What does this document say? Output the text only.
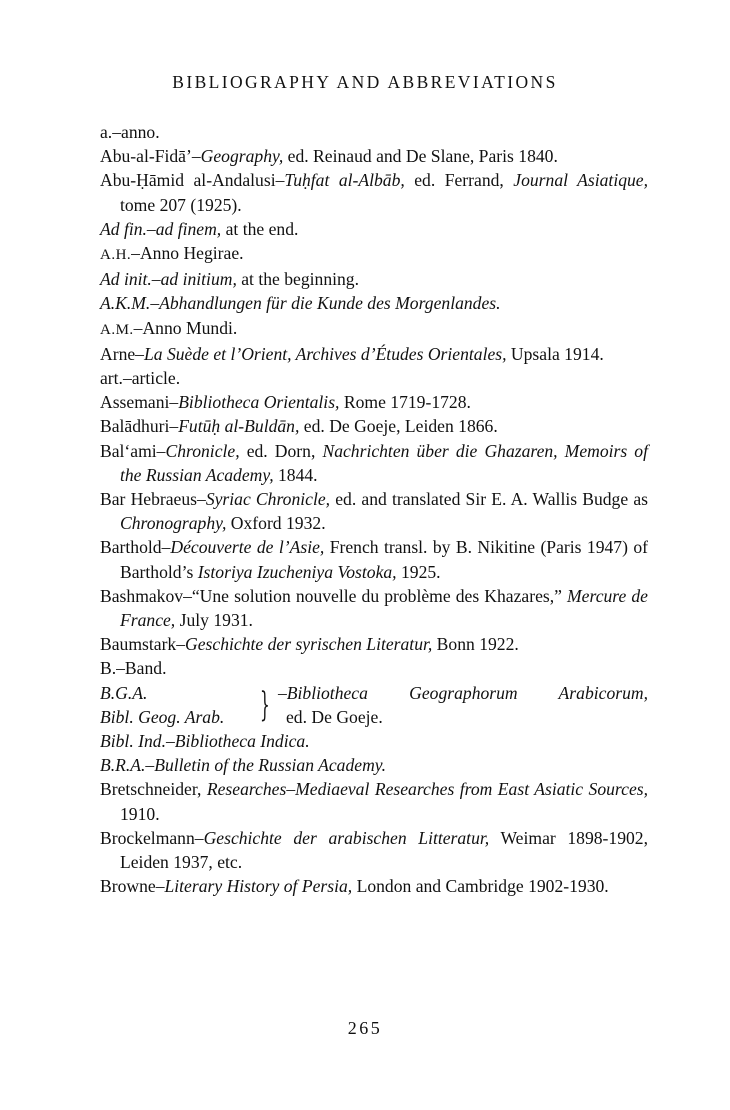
BIBLIOGRAPHY AND ABBREVIATIONS

a.–anno.

Abu-al-Fidā’–Geography, ed. Reinaud and De Slane, Paris 1840.

Abu-Ḥāmid al-Andalusi–Tuḥfat al-Albāb, ed. Ferrand, Journal Asiatique, tome 207 (1925).

Ad fin.–ad finem, at the end.

A.H.–Anno Hegirae.

Ad init.–ad initium, at the beginning.

A.K.M.–Abhandlungen für die Kunde des Morgenlandes.

A.M.–Anno Mundi.

Arne–La Suède et l’Orient, Archives d’Études Orientales, Upsala 1914.

art.–article.

Assemani–Bibliotheca Orientalis, Rome 1719-1728.

Balādhuri–Futūḥ al-Buldān, ed. De Goeje, Leiden 1866.

Bal‘ami–Chronicle, ed. Dorn, Nachrichten über die Ghazaren, Memoirs of the Russian Academy, 1844.

Bar Hebraeus–Syriac Chronicle, ed. and translated Sir E. A. Wallis Budge as Chronography, Oxford 1932.

Barthold–Découverte de l’Asie, French transl. by B. Nikitine (Paris 1947) of Barthold’s Istoriya Izucheniya Vostoka, 1925.

Bashmakov–“Une solution nouvelle du problème des Khazares,” Mercure de France, July 1931.

Baumstark–Geschichte der syrischen Literatur, Bonn 1922.

B.–Band.

B.G.A.
Bibl. Geog. Arab. } –Bibliotheca Geographorum Arabicorum,
ed. De Goeje.

Bibl. Ind.–Bibliotheca Indica.

B.R.A.–Bulletin of the Russian Academy.

Bretschneider, Researches–Mediaeval Researches from East Asiatic Sources, 1910.

Brockelmann–Geschichte der arabischen Litteratur, Weimar 1898-1902, Leiden 1937, etc.

Browne–Literary History of Persia, London and Cambridge 1902-1930.

265
